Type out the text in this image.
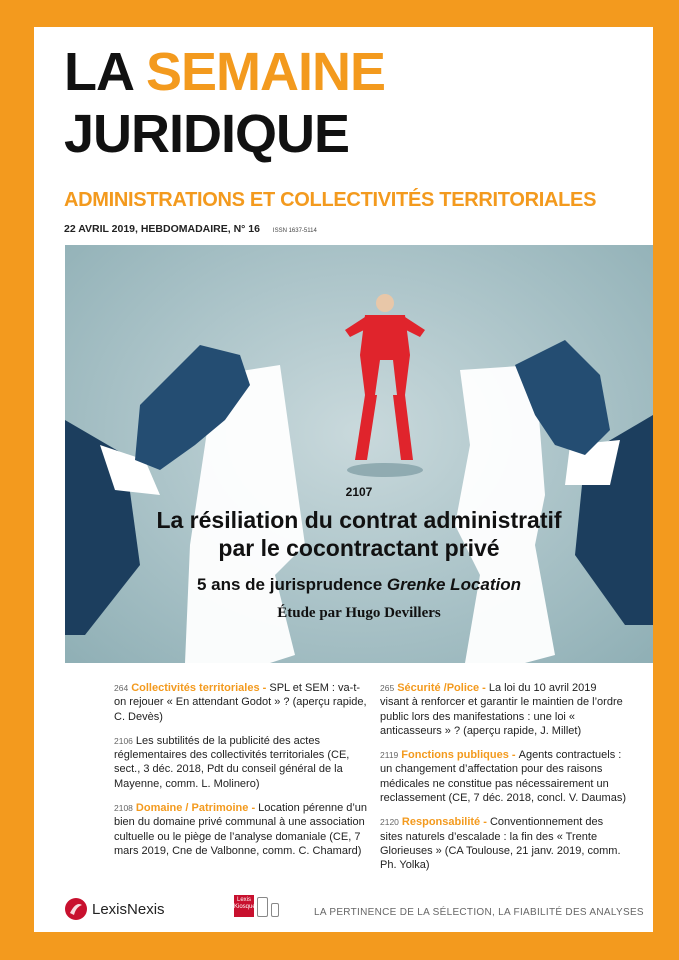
LA SEMAINE
JURIDIQUE
ADMINISTRATIONS ET COLLECTIVITÉS TERRITORIALES
22 AVRIL 2019, HEBDOMADAIRE, N° 16 ISSN 1637-5114
2107
La résiliation du contrat administratif
par le cocontractant privé
5 ans de jurisprudence Grenke Location
Étude par Hugo Devillers
264 Collectivités territoriales - SPL et SEM : va-t-on rejouer « En attendant Godot » ? (aperçu rapide, C. Devès)
2106 Les subtilités de la publicité des actes réglementaires des collectivités territoriales (CE, sect., 3 déc. 2018, Pdt du conseil général de la Mayenne, comm. L. Molinero)
2108 Domaine / Patrimoine - Location pérenne d’un bien du domaine privé communal à une association cultuelle ou le piège de l’analyse domaniale (CE, 7 mars 2019, Cne de Valbonne, comm. C. Chamard)
265 Sécurité /Police - La loi du 10 avril 2019 visant à renforcer et garantir le maintien de l’ordre public lors des manifestations : une loi « anticasseurs » ? (aperçu rapide, J. Millet)
2119 Fonctions publiques - Agents contractuels : un changement d’affectation pour des raisons médicales ne constitue pas nécessairement un reclassement (CE, 7 déc. 2018, concl. V. Daumas)
2120 Responsabilité - Conventionnement des sites naturels d’escalade : la fin des « Trente Glorieuses » (CA Toulouse, 21 janv. 2019, comm. Ph. Yolka)
LexisNexis
Lexis
Kiosque
LA PERTINENCE DE LA SÉLECTION, LA FIABILITÉ DES ANALYSES
